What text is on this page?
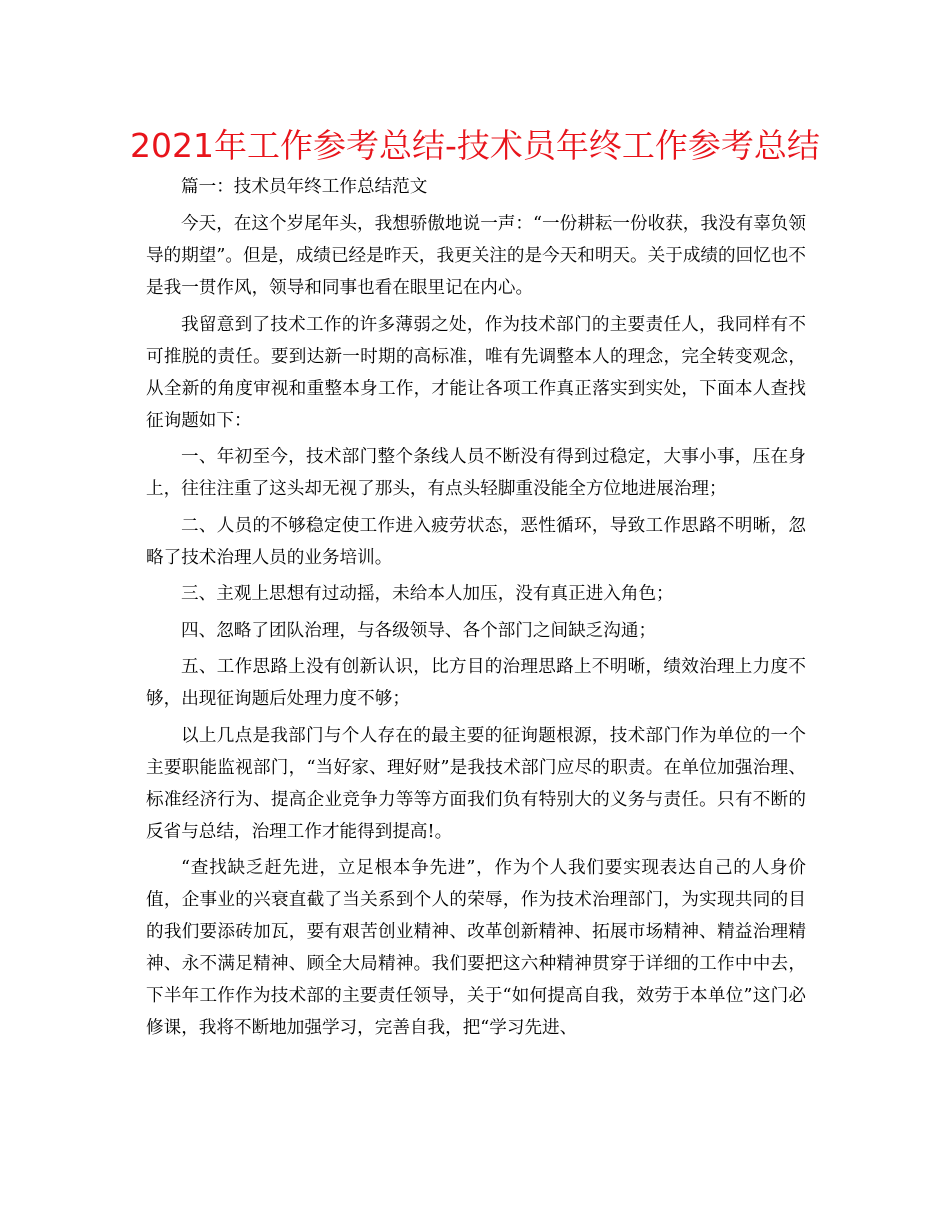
2021年工作参考总结-技术员年终工作参考总结

篇一：技术员年终工作总结范文

今天，在这个岁尾年头，我想骄傲地说一声：“一份耕耘一份收获，我没有辜负领导的期望”。但是，成绩已经是昨天，我更关注的是今天和明天。关于成绩的回忆也不是我一贯作风，领导和同事也看在眼里记在内心。

我留意到了技术工作的许多薄弱之处，作为技术部门的主要责任人，我同样有不可推脱的责任。要到达新一时期的高标准，唯有先调整本人的理念，完全转变观念，从全新的角度审视和重整本身工作，才能让各项工作真正落实到实处，下面本人查找征询题如下：

一、年初至今，技术部门整个条线人员不断没有得到过稳定，大事小事，压在身上，往往注重了这头却无视了那头，有点头轻脚重没能全方位地进展治理；

二、人员的不够稳定使工作进入疲劳状态，恶性循环，导致工作思路不明晰，忽略了技术治理人员的业务培训。

三、主观上思想有过动摇，未给本人加压，没有真正进入角色；

四、忽略了团队治理，与各级领导、各个部门之间缺乏沟通；

五、工作思路上没有创新认识，比方目的治理思路上不明晰，绩效治理上力度不够，出现征询题后处理力度不够；

以上几点是我部门与个人存在的最主要的征询题根源，技术部门作为单位的一个主要职能监视部门，“当好家、理好财”是我技术部门应尽的职责。在单位加强治理、标准经济行为、提高企业竞争力等等方面我们负有特别大的义务与责任。只有不断的反省与总结，治理工作才能得到提高!。

“查找缺乏赶先进，立足根本争先进”，作为个人我们要实现表达自己的人身价值，企事业的兴衰直截了当关系到个人的荣辱，作为技术治理部门，为实现共同的目的我们要添砖加瓦，要有艰苦创业精神、改革创新精神、拓展市场精神、精益治理精神、永不满足精神、顾全大局精神。我们要把这六种精神贯穿于详细的工作中中去，下半年工作作为技术部的主要责任领导，关于“如何提高自我，效劳于本单位”这门必修课，我将不断地加强学习，完善自我，把“学习先进、
